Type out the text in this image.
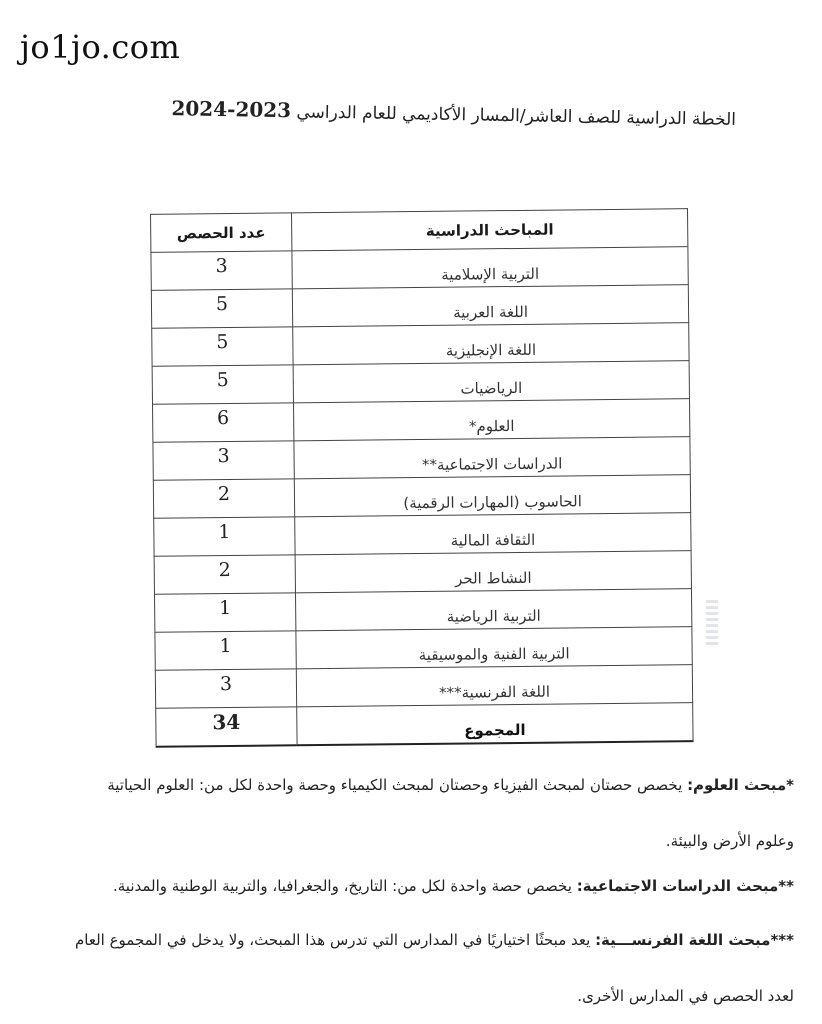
jo1jo.com
الخطة الدراسية للصف العاشر/المسار الأكاديمي للعام الدراسي 2023-2024
المباحث الدراسية	عدد الحصص
التربية الإسلامية	3
اللغة العربية	5
اللغة الإنجليزية	5
الرياضيات	5
العلوم*	6
الدراسات الاجتماعية**	3
الحاسوب (المهارات الرقمية)	2
الثقافة المالية	1
النشاط الحر	2
التربية الرياضية	1
التربية الفنية والموسيقية	1
اللغة الفرنسية***	3
المجموع	34
*مبحث العلوم: يخصص حصتان لمبحث الفيزياء وحصتان لمبحث الكيمياء وحصة واحدة لكل من: العلوم الحياتية
وعلوم الأرض والبيئة.
**مبحث الدراسات الاجتماعية: يخصص حصة واحدة لكل من: التاريخ، والجغرافيا، والتربية الوطنية والمدنية.
***مبحث اللغة الفرنســـية: يعد مبحثًا اختياريًا في المدارس التي تدرس هذا المبحث، ولا يدخل في المجموع العام
لعدد الحصص في المدارس الأخرى.
